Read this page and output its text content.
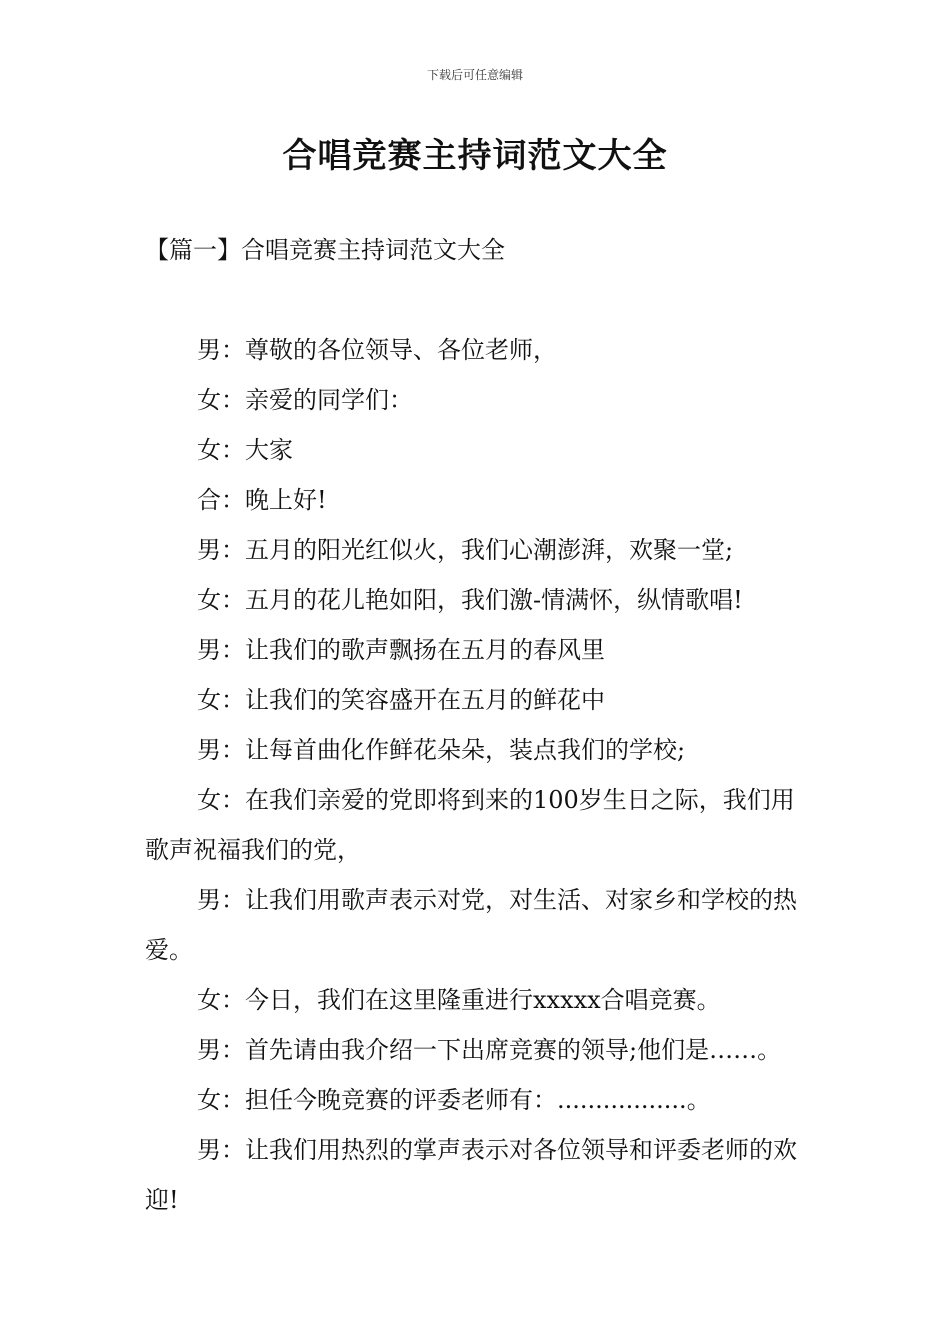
下载后可任意编辑
合唱竞赛主持词范文大全
【篇一】合唱竞赛主持词范文大全

男：尊敬的各位领导、各位老师，

女：亲爱的同学们：

女：大家

合：晚上好!

男：五月的阳光红似火，我们心潮澎湃，欢聚一堂;

女：五月的花儿艳如阳，我们激-情满怀，纵情歌唱!

男：让我们的歌声飘扬在五月的春风里

女：让我们的笑容盛开在五月的鲜花中

男：让每首曲化作鲜花朵朵，装点我们的学校;

女：在我们亲爱的党即将到来的100岁生日之际，我们用歌声祝福我们的党，

男：让我们用歌声表示对党，对生活、对家乡和学校的热爱。

女：今日，我们在这里隆重进行xxxxx合唱竞赛。

男：首先请由我介绍一下出席竞赛的领导;他们是……。

女：担任今晚竞赛的评委老师有：.................。

男：让我们用热烈的掌声表示对各位领导和评委老师的欢迎!
